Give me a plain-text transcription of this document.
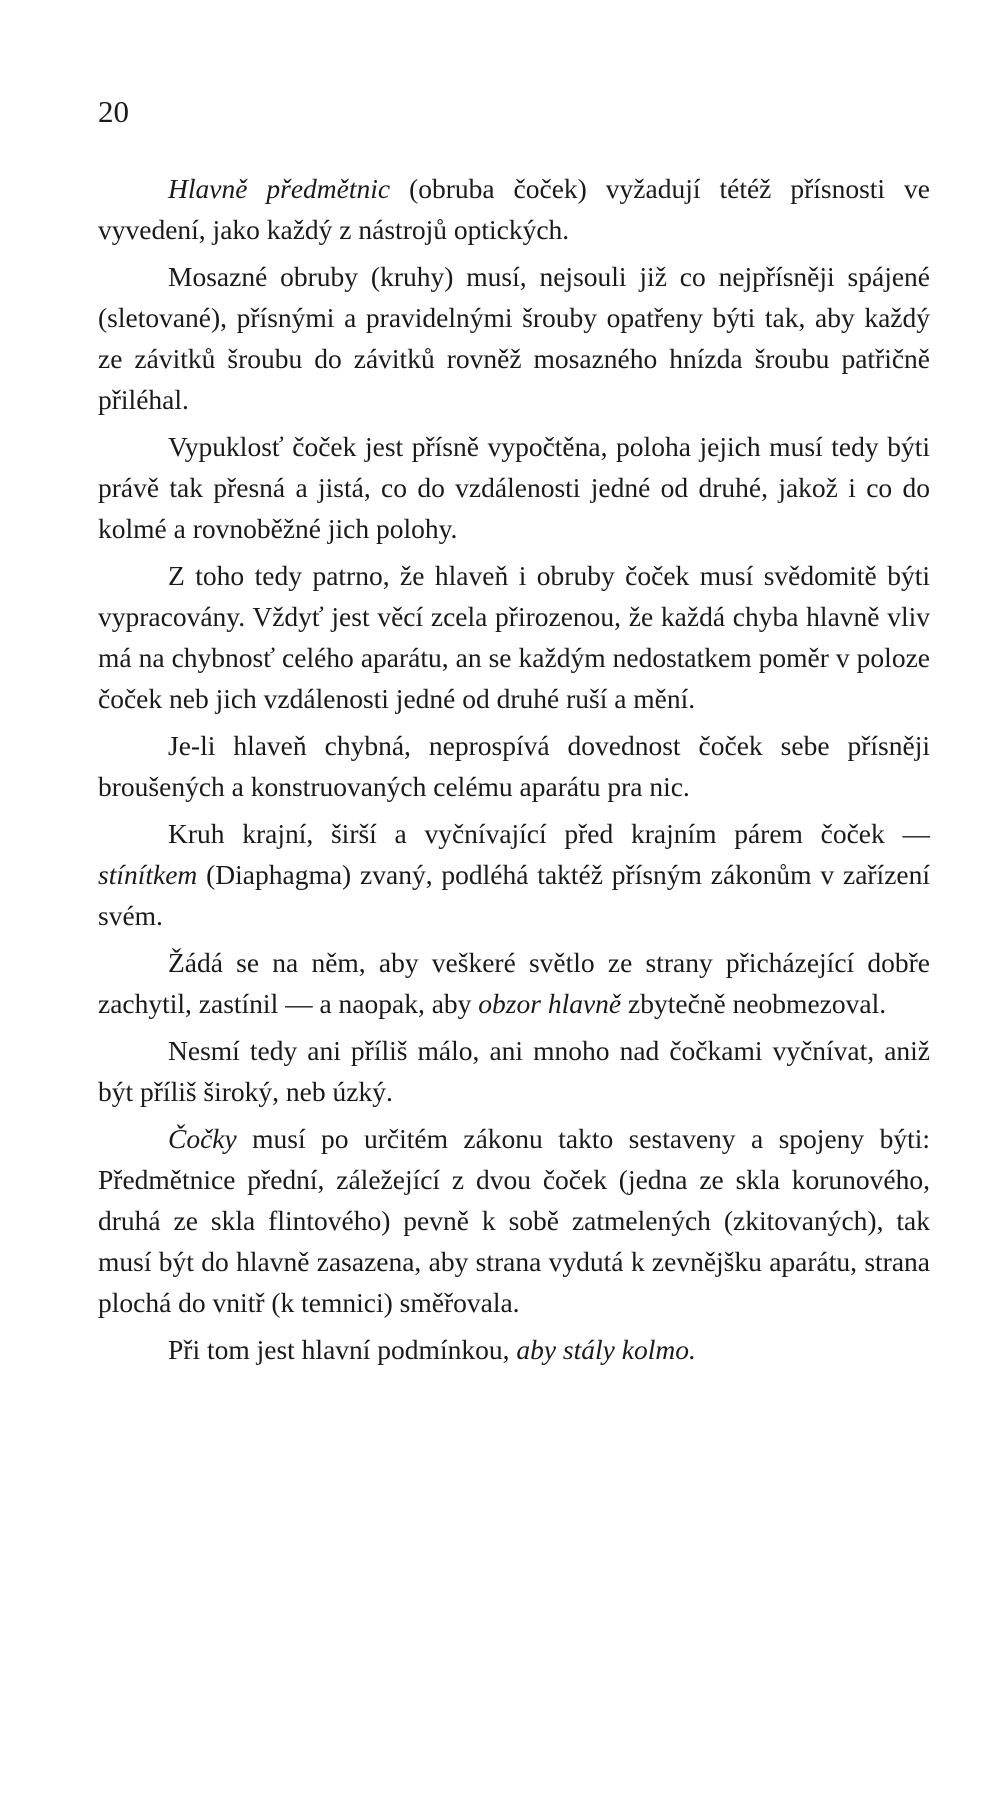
20

Hlavně předmětnic (obruba čoček) vyžadují tétéž přísnosti ve vyvedení, jako každý z nástrojů optických.

Mosazné obruby (kruhy) musí, nejsouli již co nejpřísněji spájené (sletované), přísnými a pravidelnými šrouby opatřeny býti tak, aby každý ze závitků šroubu do závitků rovněž mosazného hnízda šroubu patřičně přiléhal.

Vypuklosť čoček jest přísně vypočtěna, poloha jejich musí tedy býti právě tak přesná a jistá, co do vzdálenosti jedné od druhé, jakož i co do kolmé a rovnoběžné jich polohy.

Z toho tedy patrno, že hlaveň i obruby čoček musí svědomitě býti vypracovány. Vždyť jest věcí zcela přirozenou, že každá chyba hlavně vliv má na chybnosť celého aparátu, an se každým nedostatkem poměr v poloze čoček neb jich vzdálenosti jedné od druhé ruší a mění.

Je-li hlaveň chybná, neprospívá dovednost čoček sebe přísněji broušených a konstruovaných celému aparátu pra nic.

Kruh krajní, širší a vyčnívající před krajním párem čoček — stínítkem (Diaphagma) zvaný, podléhá taktéž přísným zákonům v zařízení svém.

Žádá se na něm, aby veškeré světlo ze strany přicházející dobře zachytil, zastínil — a naopak, aby obzor hlavně zbytečně neobmezoval.

Nesmí tedy ani příliš málo, ani mnoho nad čočkami vyčnívat, aniž být příliš široký, neb úzký.

Čočky musí po určitém zákonu takto sestaveny a spojeny býti: Předmětnice přední, záležející z dvou čoček (jedna ze skla korunového, druhá ze skla flintového) pevně k sobě zatmelených (zkitovaných), tak musí být do hlavně zasazena, aby strana vydutá k zevnějšku aparátu, strana plochá do vnitř (k temnici) směřovala.

Při tom jest hlavní podmínkou, aby stály kolmo.
